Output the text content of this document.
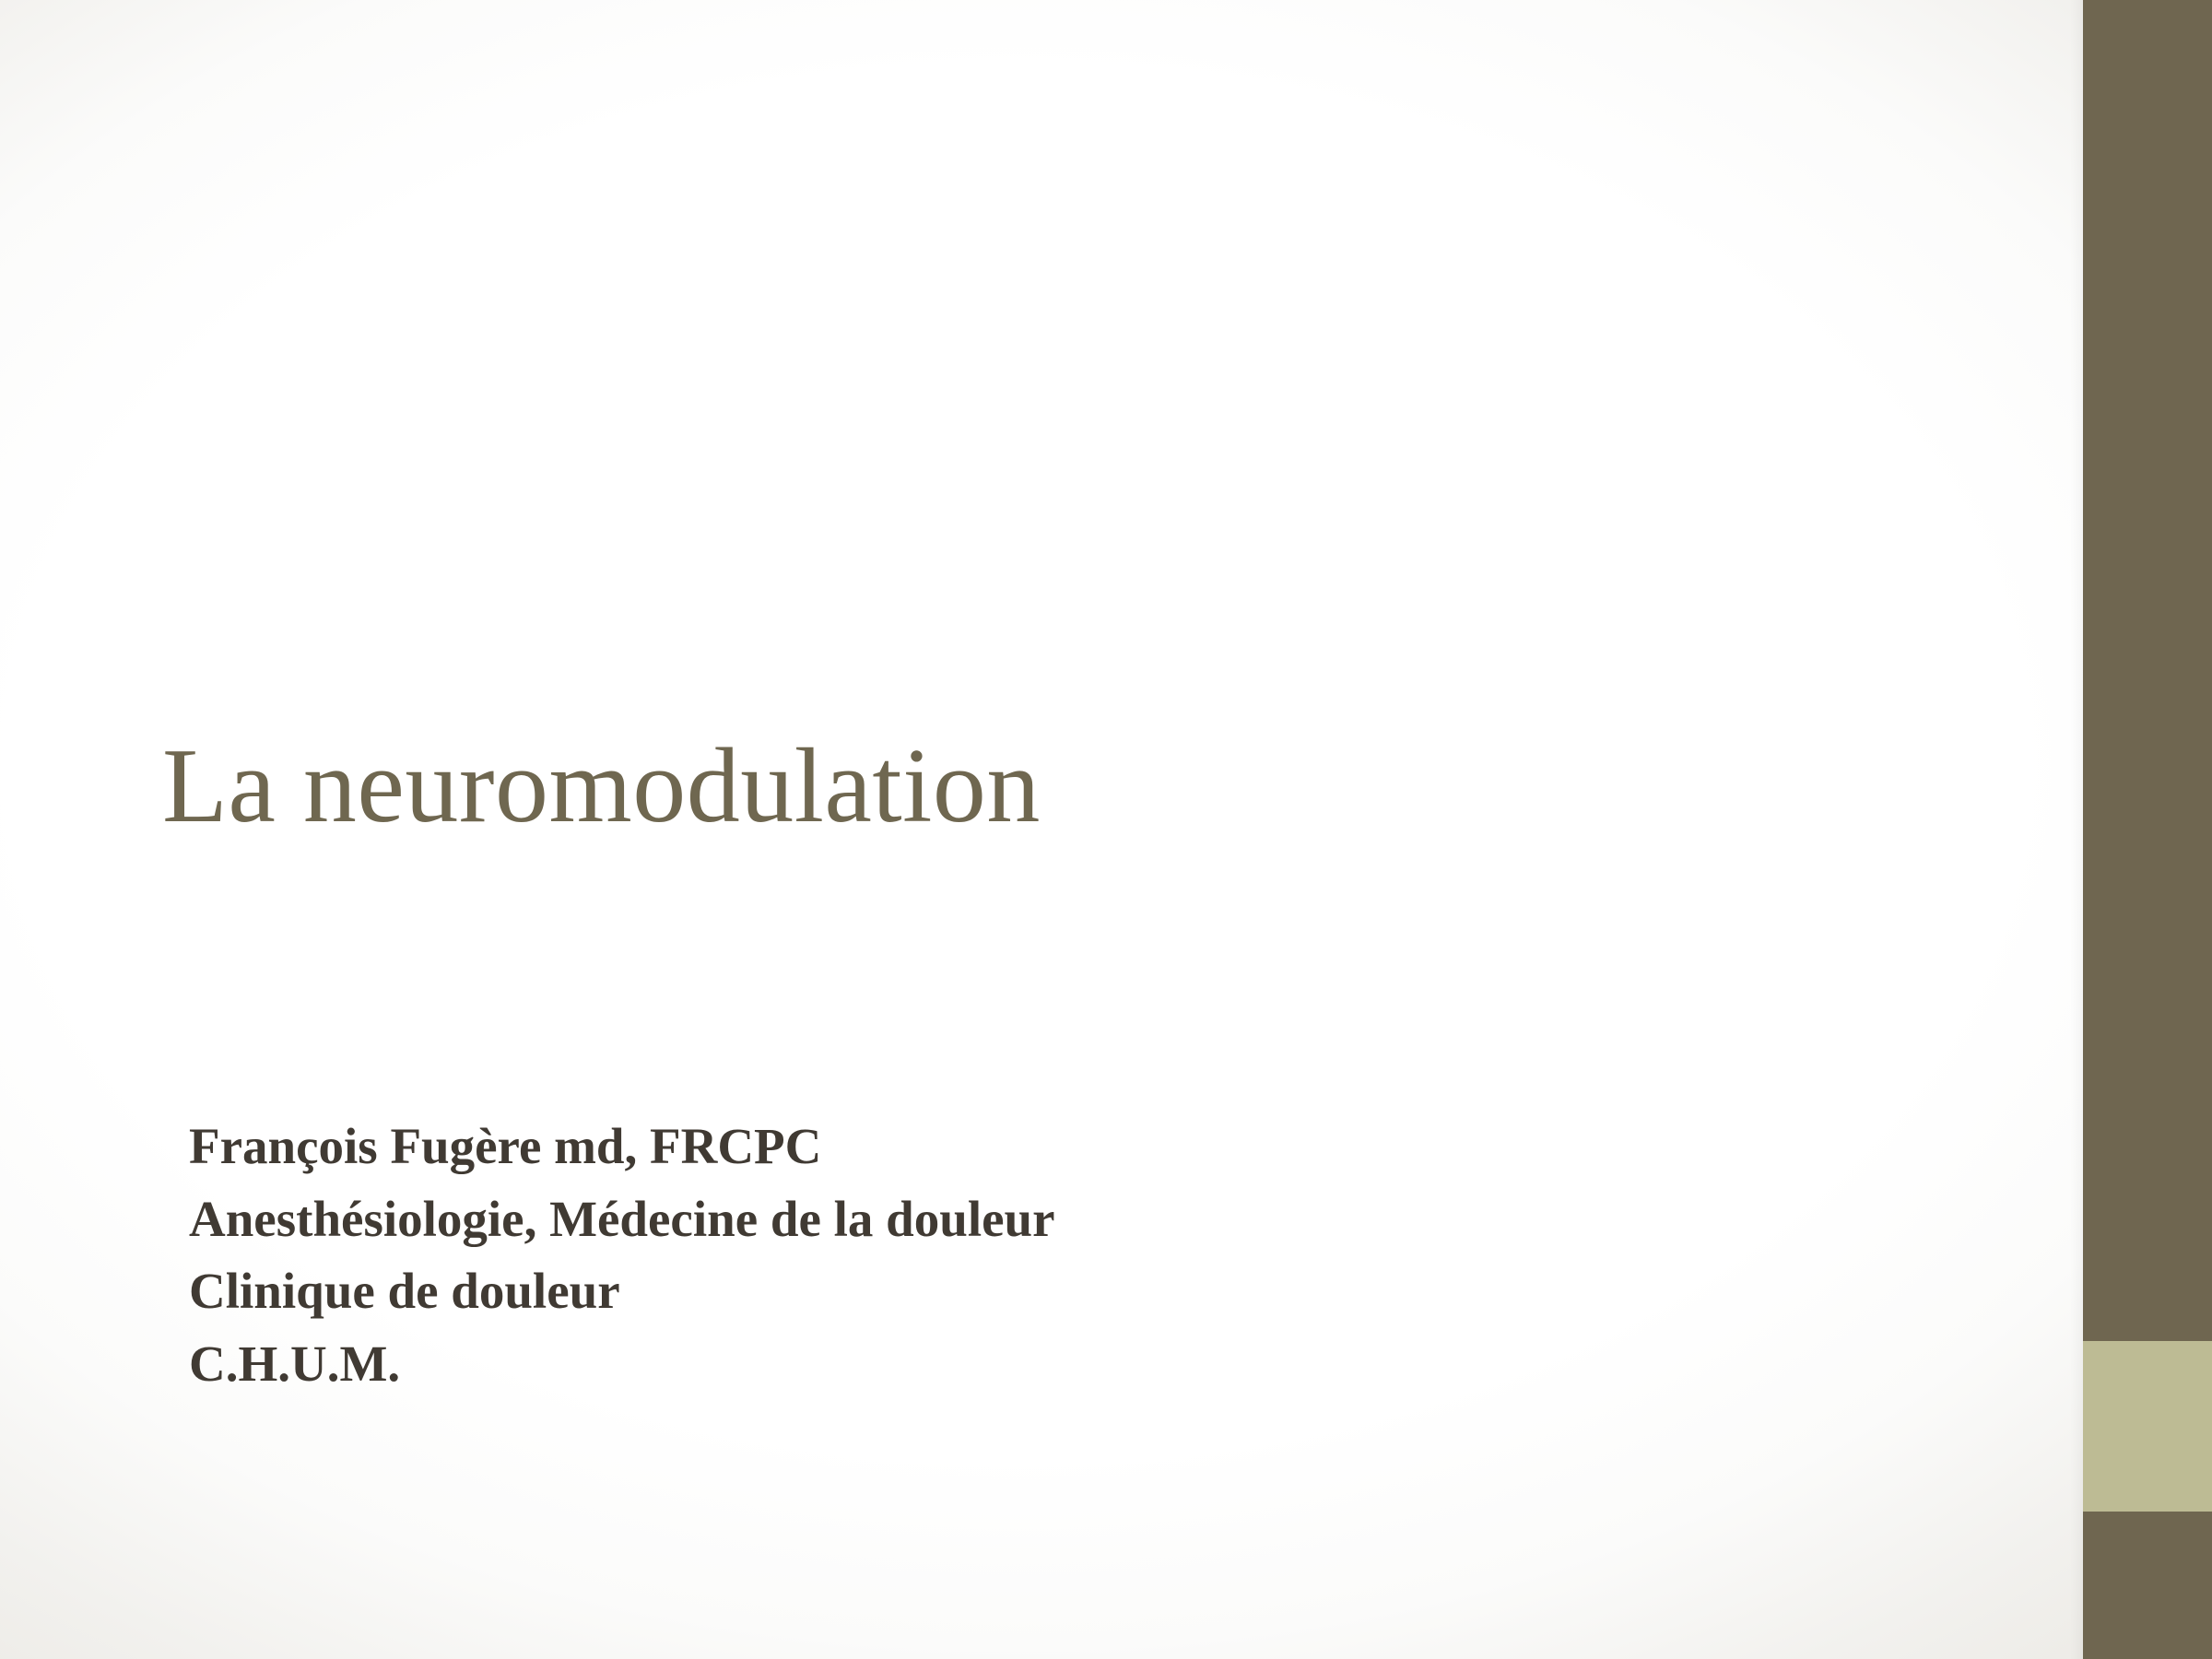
La neuromodulation
François Fugère md, FRCPC
Anesthésiologie, Médecine de la douleur
Clinique de douleur
C.H.U.M.
